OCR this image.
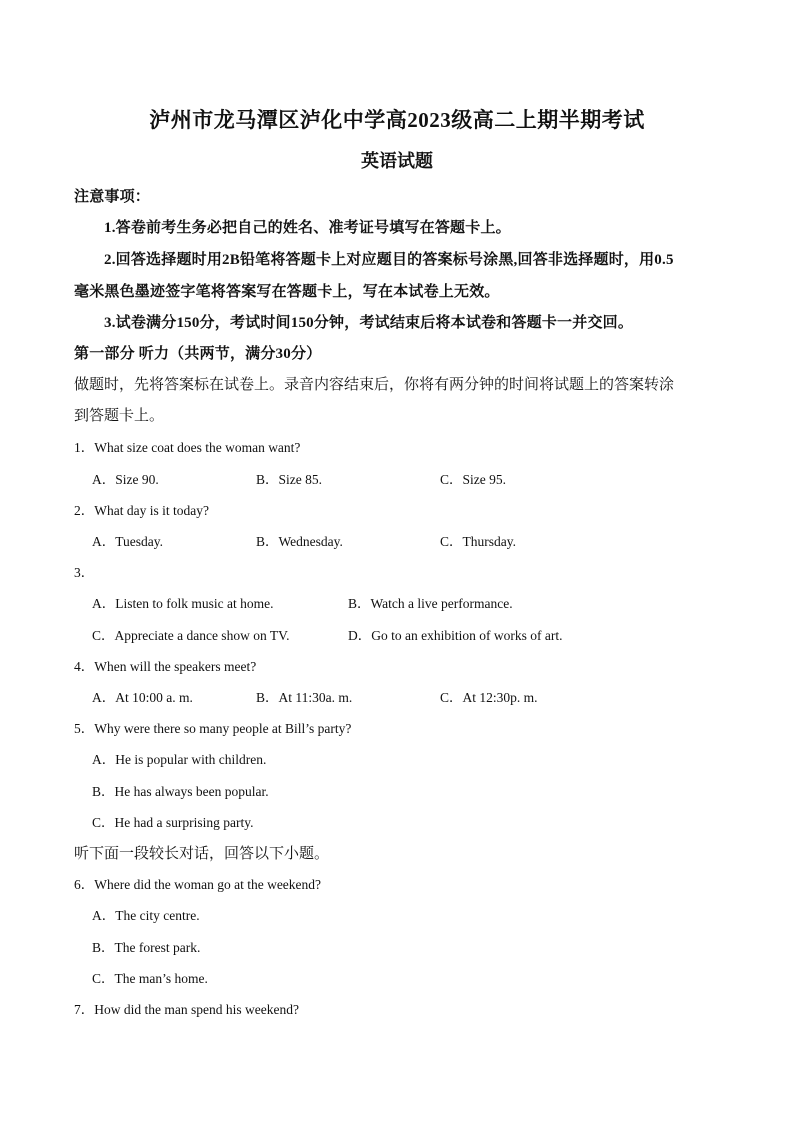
泸州市龙马潭区泸化中学高2023级高二上期半期考试
英语试题
注意事项：
1.答卷前考生务必把自己的姓名、准考证号填写在答题卡上。
2.回答选择题时用2B铅笔将答题卡上对应题目的答案标号涂黑,回答非选择题时，用0.5
毫米黑色墨迹签字笔将答案写在答题卡上，写在本试卷上无效。
3.试卷满分150分，考试时间150分钟，考试结束后将本试卷和答题卡一并交回。
第一部分 听力（共两节，满分30分）
做题时，先将答案标在试卷上。录音内容结束后，你将有两分钟的时间将试题上的答案转涂
到答题卡上。
1．What size coat does the woman want?
A．Size 90.	B．Size 85.	C．Size 95.
2．What day is it today?
A．Tuesday.	B．Wednesday.	C．Thursday.
3．
A．Listen to folk music at home.	B．Watch a live performance.
C．Appreciate a dance show on TV.	D．Go to an exhibition of works of art.
4．When will the speakers meet?
A．At 10:00 a. m.	B．At 11:30a. m.	C．At 12:30p. m.
5．Why were there so many people at Bill’s party?
A．He is popular with children.
B．He has always been popular.
C．He had a surprising party.
听下面一段较长对话，回答以下小题。
6．Where did the woman go at the weekend?
A．The city centre.
B．The forest park.
C．The man’s home.
7．How did the man spend his weekend?
